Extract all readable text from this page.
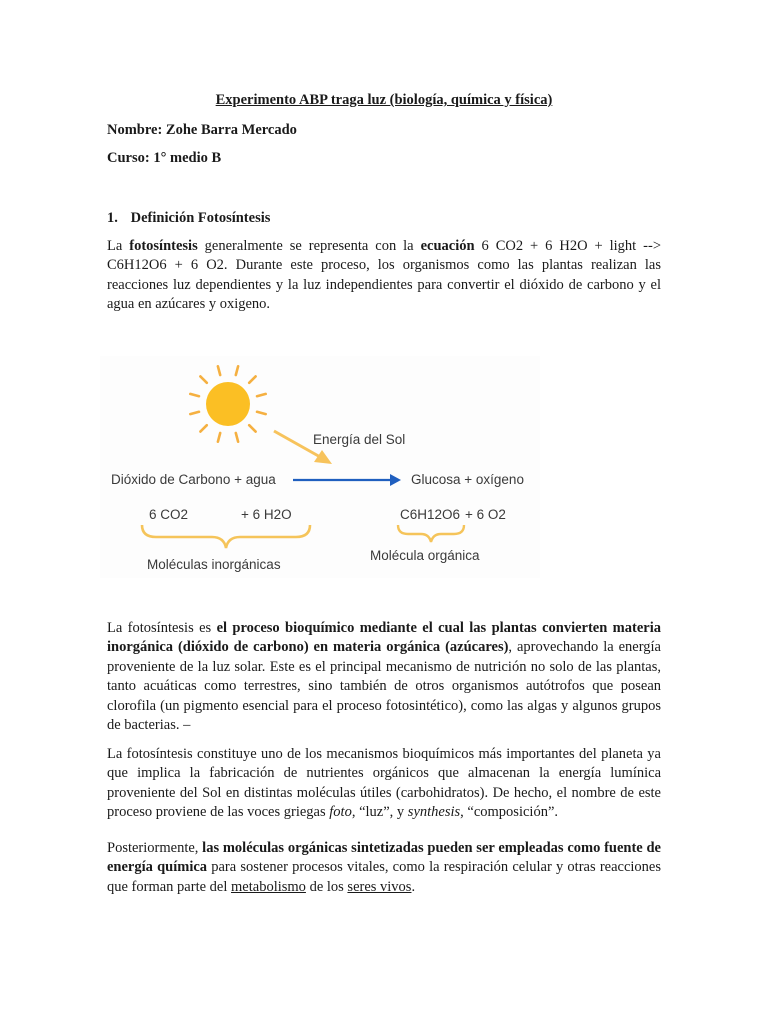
Experimento ABP traga luz (biología, química y física)
Nombre: Zohe Barra Mercado
Curso: 1° medio B
1. Definición Fotosíntesis

La fotosíntesis generalmente se representa con la ecuación 6 CO2 + 6 H2O + light --> C6H12O6 + 6 O2. Durante este proceso, los organismos como las plantas realizan las reacciones luz dependientes y la luz independientes para convertir el dióxido de carbono y el agua en azúcares y oxigeno.

Energía del Sol
Dióxido de Carbono + agua	Glucosa + oxígeno
6 CO2	+ 6 H2O	C6H12O6 + 6 O2
Moléculas inorgánicas
Molécula orgánica

La fotosíntesis es el proceso bioquímico mediante el cual las plantas convierten materia inorgánica (dióxido de carbono) en materia orgánica (azúcares), aprovechando la energía proveniente de la luz solar. Este es el principal mecanismo de nutrición no solo de las plantas, tanto acuáticas como terrestres, sino también de otros organismos autótrofos que posean clorofila (un pigmento esencial para el proceso fotosintético), como las algas y algunos grupos de bacterias. –

La fotosíntesis constituye uno de los mecanismos bioquímicos más importantes del planeta ya que implica la fabricación de nutrientes orgánicos que almacenan la energía lumínica proveniente del Sol en distintas moléculas útiles (carbohidratos). De hecho, el nombre de este proceso proviene de las voces griegas foto, “luz”, y synthesis, “composición”.

Posteriormente, las moléculas orgánicas sintetizadas pueden ser empleadas como fuente de energía química para sostener procesos vitales, como la respiración celular y otras reacciones que forman parte del metabolismo de los seres vivos.
